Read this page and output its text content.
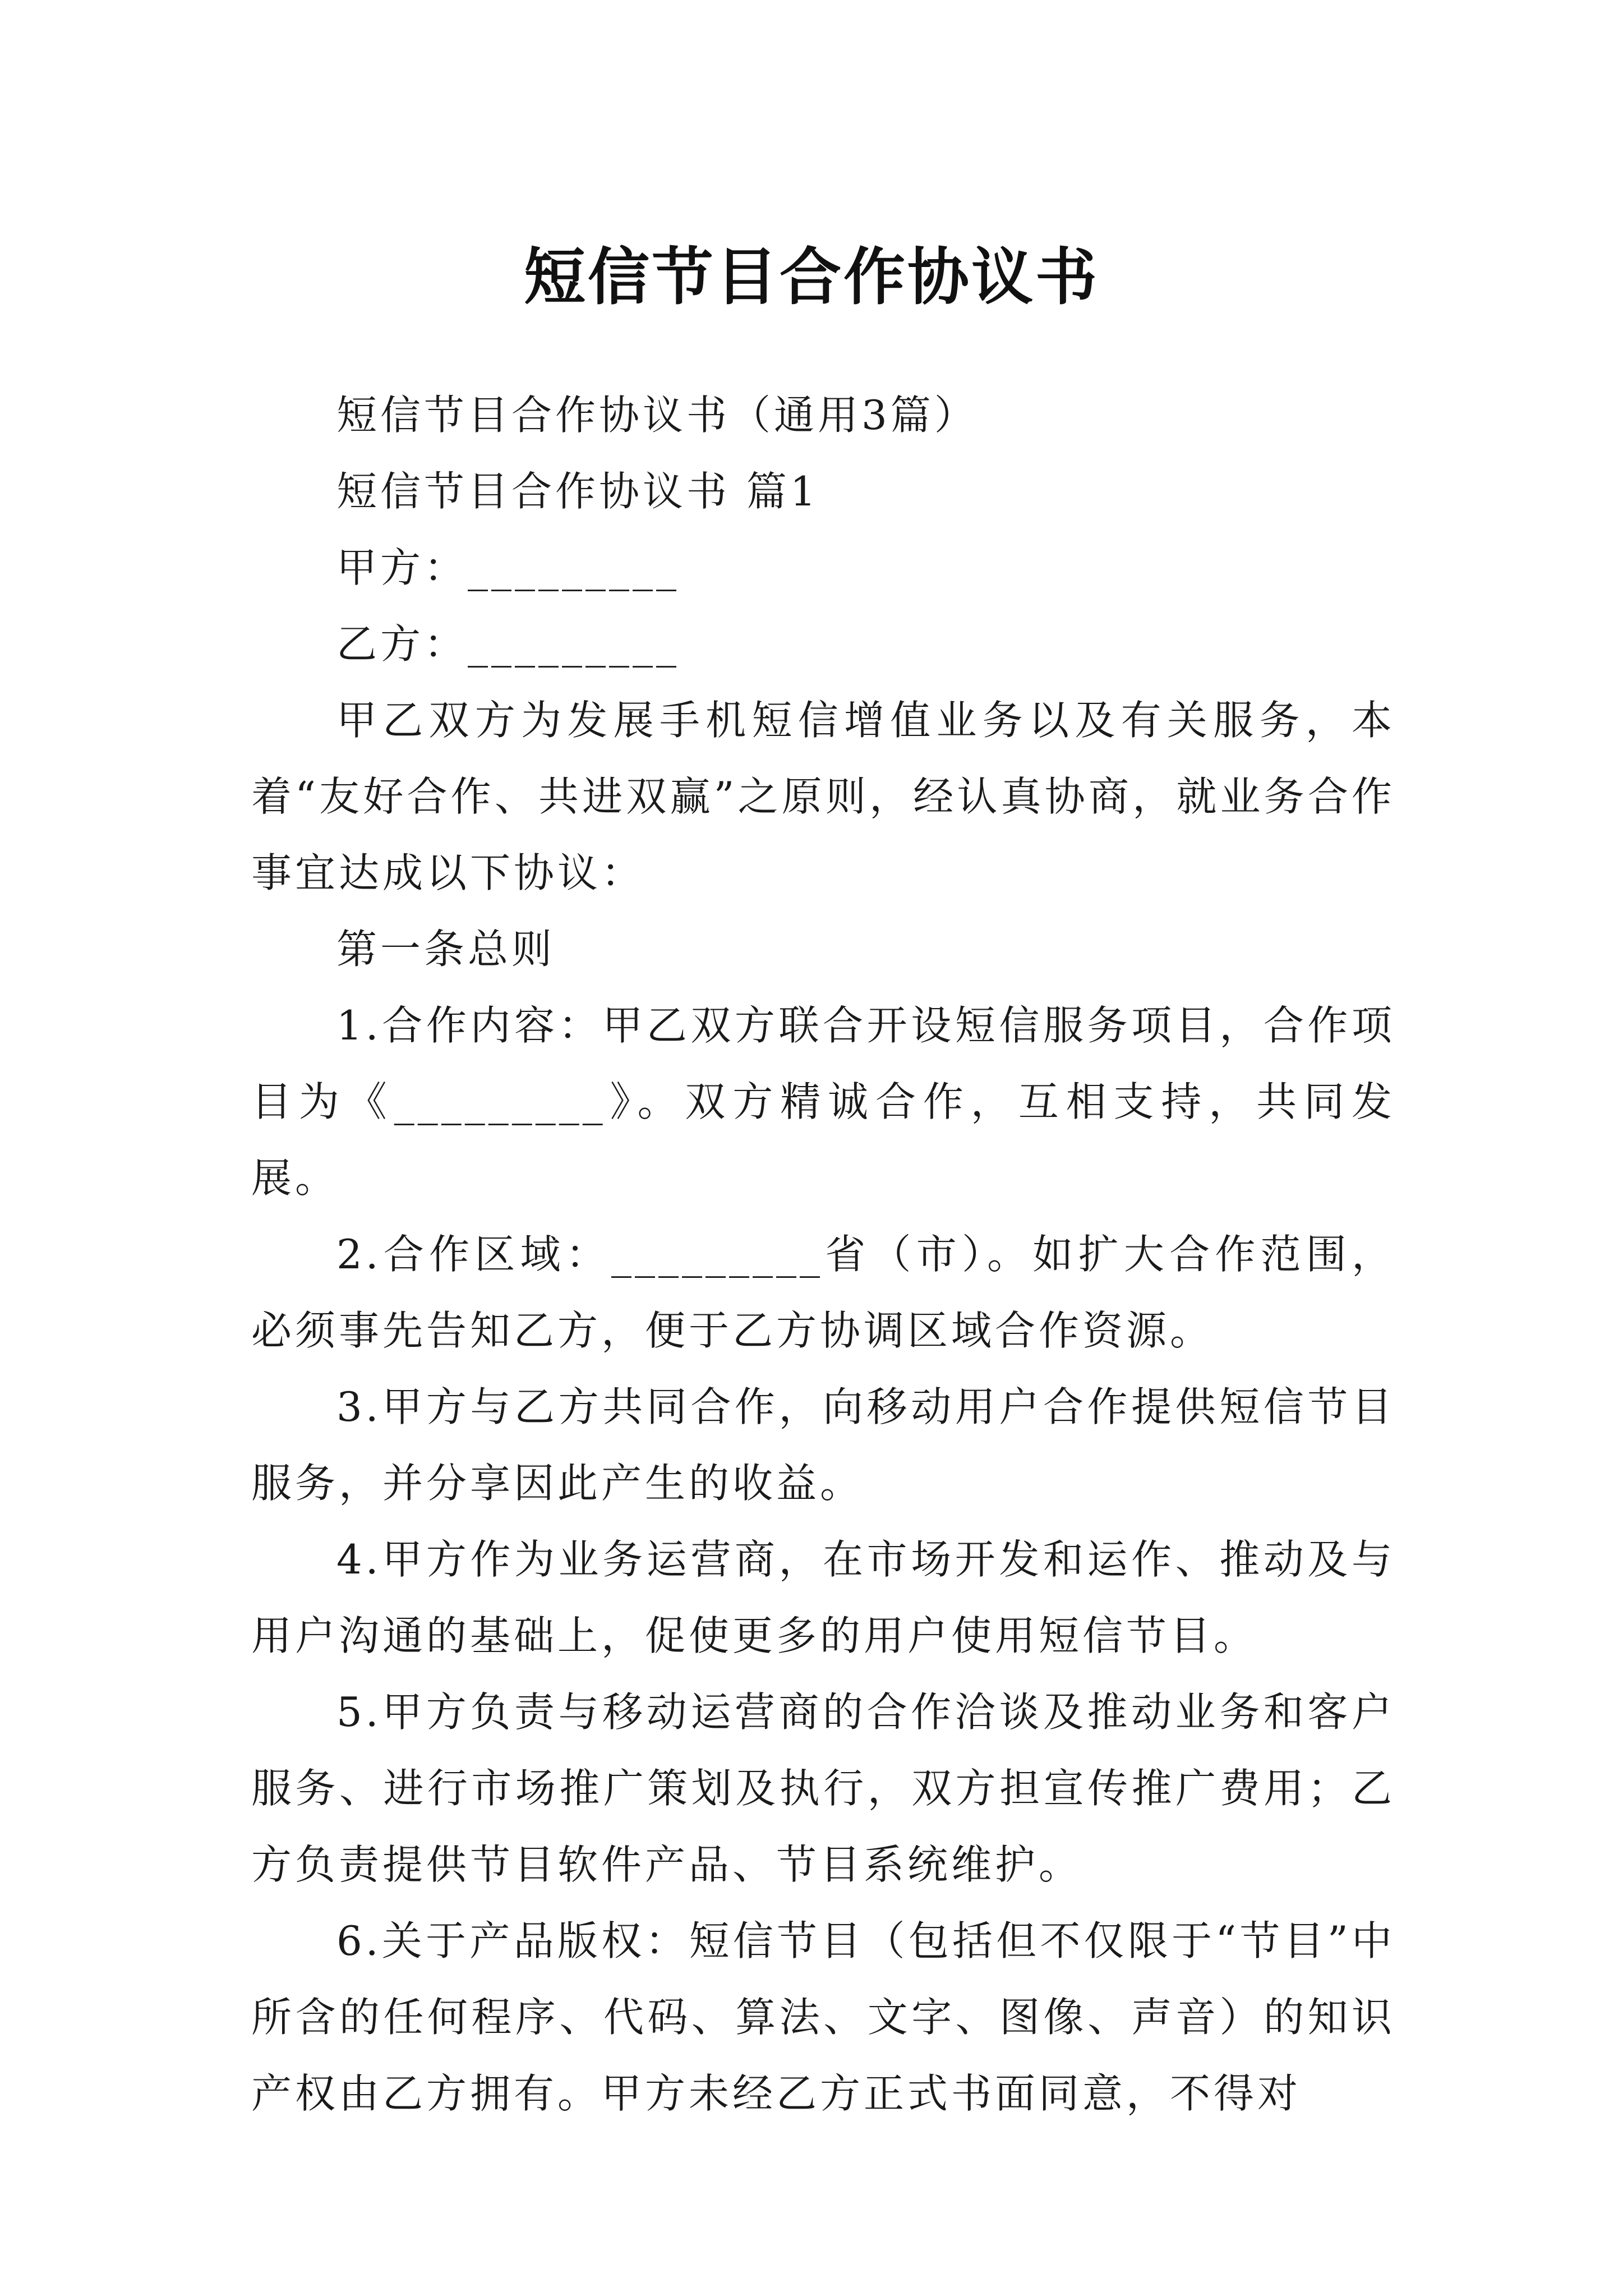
短信节目合作协议书

短信节目合作协议书（通用3篇）

短信节目合作协议书 篇1

甲方：_________

乙方：_________

甲乙双方为发展手机短信增值业务以及有关服务，本着“友好合作、共进双赢”之原则，经认真协商，就业务合作事宜达成以下协议：

第一条总则

1.合作内容：甲乙双方联合开设短信服务项目，合作项目为《_________》。双方精诚合作，互相支持，共同发展。

2.合作区域：_________省（市）。如扩大合作范围，必须事先告知乙方，便于乙方协调区域合作资源。

3.甲方与乙方共同合作，向移动用户合作提供短信节目服务，并分享因此产生的收益。

4.甲方作为业务运营商，在市场开发和运作、推动及与用户沟通的基础上，促使更多的用户使用短信节目。

5.甲方负责与移动运营商的合作洽谈及推动业务和客户服务、进行市场推广策划及执行，双方担宣传推广费用；乙方负责提供节目软件产品、节目系统维护。

6.关于产品版权：短信节目（包括但不仅限于“节目”中所含的任何程序、代码、算法、文字、图像、声音）的知识产权由乙方拥有。甲方未经乙方正式书面同意，不得对
